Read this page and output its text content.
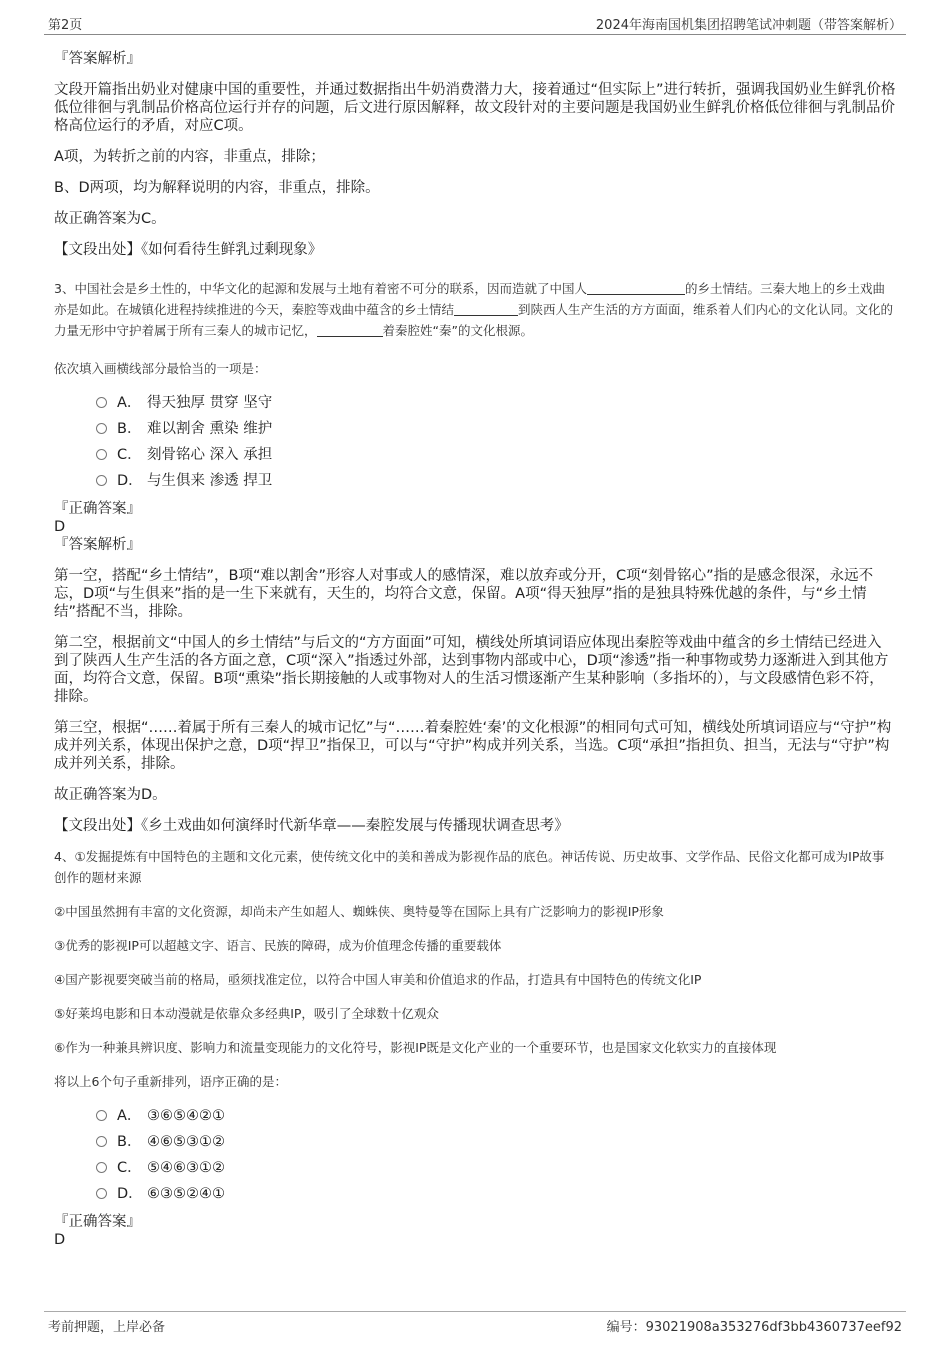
第2页	2024年海南国机集团招聘笔试冲刺题（带答案解析）

『答案解析』

文段开篇指出奶业对健康中国的重要性，并通过数据指出牛奶消费潜力大，接着通过“但实际上”进行转折，强调我国奶业生鲜乳价格低位徘徊与乳制品价格高位运行并存的问题，后文进行原因解释，故文段针对的主要问题是我国奶业生鲜乳价格低位徘徊与乳制品价格高位运行的矛盾，对应C项。

A项，为转折之前的内容，非重点，排除；

B、D两项，均为解释说明的内容，非重点，排除。

故正确答案为C。

【文段出处】《如何看待生鲜乳过剩现象》

3、中国社会是乡土性的，中华文化的起源和发展与土地有着密不可分的联系，因而造就了中国人	的乡土情结。三秦大地上的乡土戏曲亦是如此。在城镇化进程持续推进的今天，秦腔等戏曲中蕴含的乡土情结	到陕西人生产生活的方方面面，维系着人们内心的文化认同。文化的力量无形中守护着属于所有三秦人的城市记忆，	着秦腔姓“秦”的文化根源。

依次填入画横线部分最恰当的一项是：

A． 得天独厚 贯穿 坚守
B． 难以割舍 熏染 维护
C． 刻骨铭心 深入 承担
D． 与生俱来 渗透 捍卫

『正确答案』

D

『答案解析』

第一空，搭配“乡土情结”，B项“难以割舍”形容人对事或人的感情深，难以放弃或分开，C项“刻骨铭心”指的是感念很深，永远不忘，D项“与生俱来”指的是一生下来就有，天生的，均符合文意，保留。A项“得天独厚”指的是独具特殊优越的条件，与“乡土情结”搭配不当，排除。

第二空，根据前文“中国人的乡土情结”与后文的“方方面面”可知，横线处所填词语应体现出秦腔等戏曲中蕴含的乡土情结已经进入到了陕西人生产生活的各方面之意，C项“深入”指透过外部，达到事物内部或中心，D项“渗透”指一种事物或势力逐渐进入到其他方面，均符合文意，保留。B项“熏染”指长期接触的人或事物对人的生活习惯逐渐产生某种影响（多指坏的），与文段感情色彩不符，排除。

第三空，根据“……着属于所有三秦人的城市记忆”与“……着秦腔姓‘秦’的文化根源”的相同句式可知，横线处所填词语应与“守护”构成并列关系，体现出保护之意，D项“捍卫”指保卫，可以与“守护”构成并列关系，当选。C项“承担”指担负、担当，无法与“守护”构成并列关系，排除。

故正确答案为D。

【文段出处】《乡土戏曲如何演绎时代新华章——秦腔发展与传播现状调查思考》

4、①发掘提炼有中国特色的主题和文化元素，使传统文化中的美和善成为影视作品的底色。神话传说、历史故事、文学作品、民俗文化都可成为IP故事创作的题材来源

②中国虽然拥有丰富的文化资源，却尚未产生如超人、蜘蛛侠、奥特曼等在国际上具有广泛影响力的影视IP形象

③优秀的影视IP可以超越文字、语言、民族的障碍，成为价值理念传播的重要载体

④国产影视要突破当前的格局，亟须找准定位，以符合中国人审美和价值追求的作品，打造具有中国特色的传统文化IP

⑤好莱坞电影和日本动漫就是依靠众多经典IP，吸引了全球数十亿观众

⑥作为一种兼具辨识度、影响力和流量变现能力的文化符号，影视IP既是文化产业的一个重要环节，也是国家文化软实力的直接体现

将以上6个句子重新排列，语序正确的是：

A． ③⑥⑤④②①
B． ④⑥⑤③①②
C． ⑤④⑥③①②
D． ⑥③⑤②④①

『正确答案』

D

考前押题，上岸必备	编号：93021908a353276df3bb4360737eef92
